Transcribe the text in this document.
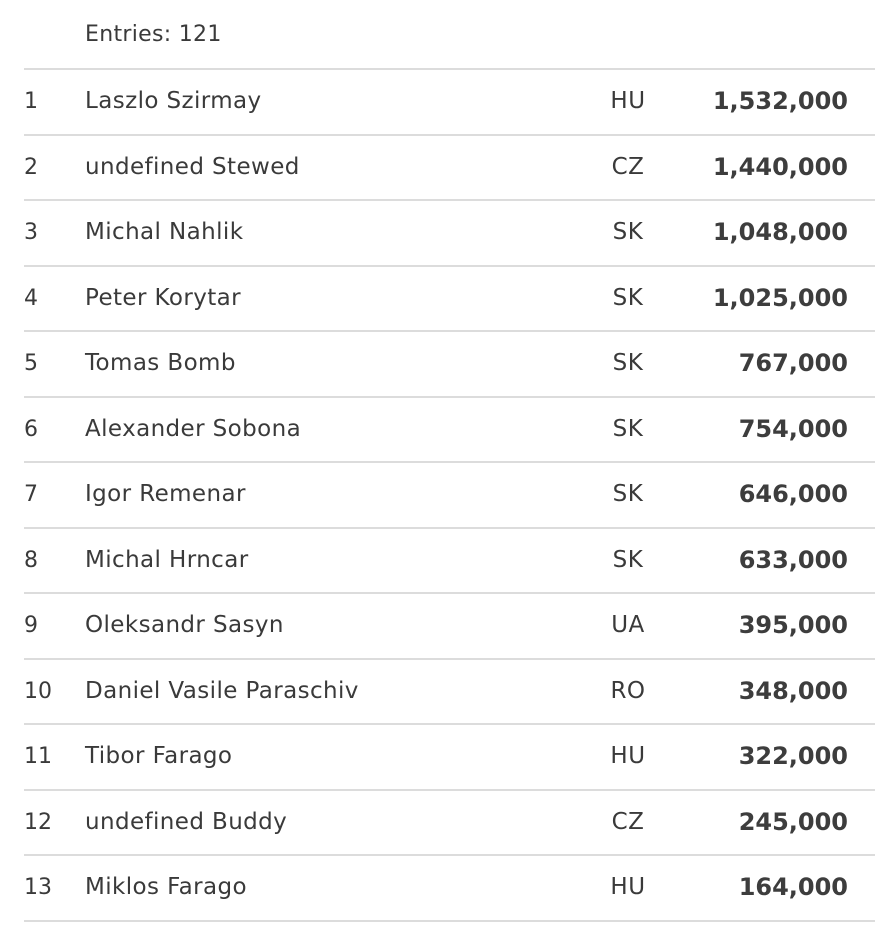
Entries: 121
1 Laszlo Szirmay	HU	1,532,000
2 undefined Stewed	CZ	1,440,000
3 Michal Nahlik	SK	1,048,000
4 Peter Korytar	SK	1,025,000
5 Tomas Bomb	SK	767,000
6 Alexander Sobona	SK	754,000
7 Igor Remenar	SK	646,000
8 Michal Hrncar	SK	633,000
9 Oleksandr Sasyn	UA	395,000
10 Daniel Vasile Paraschiv	RO	348,000
11 Tibor Farago	HU	322,000
12 undefined Buddy	CZ	245,000
13 Miklos Farago	HU	164,000
